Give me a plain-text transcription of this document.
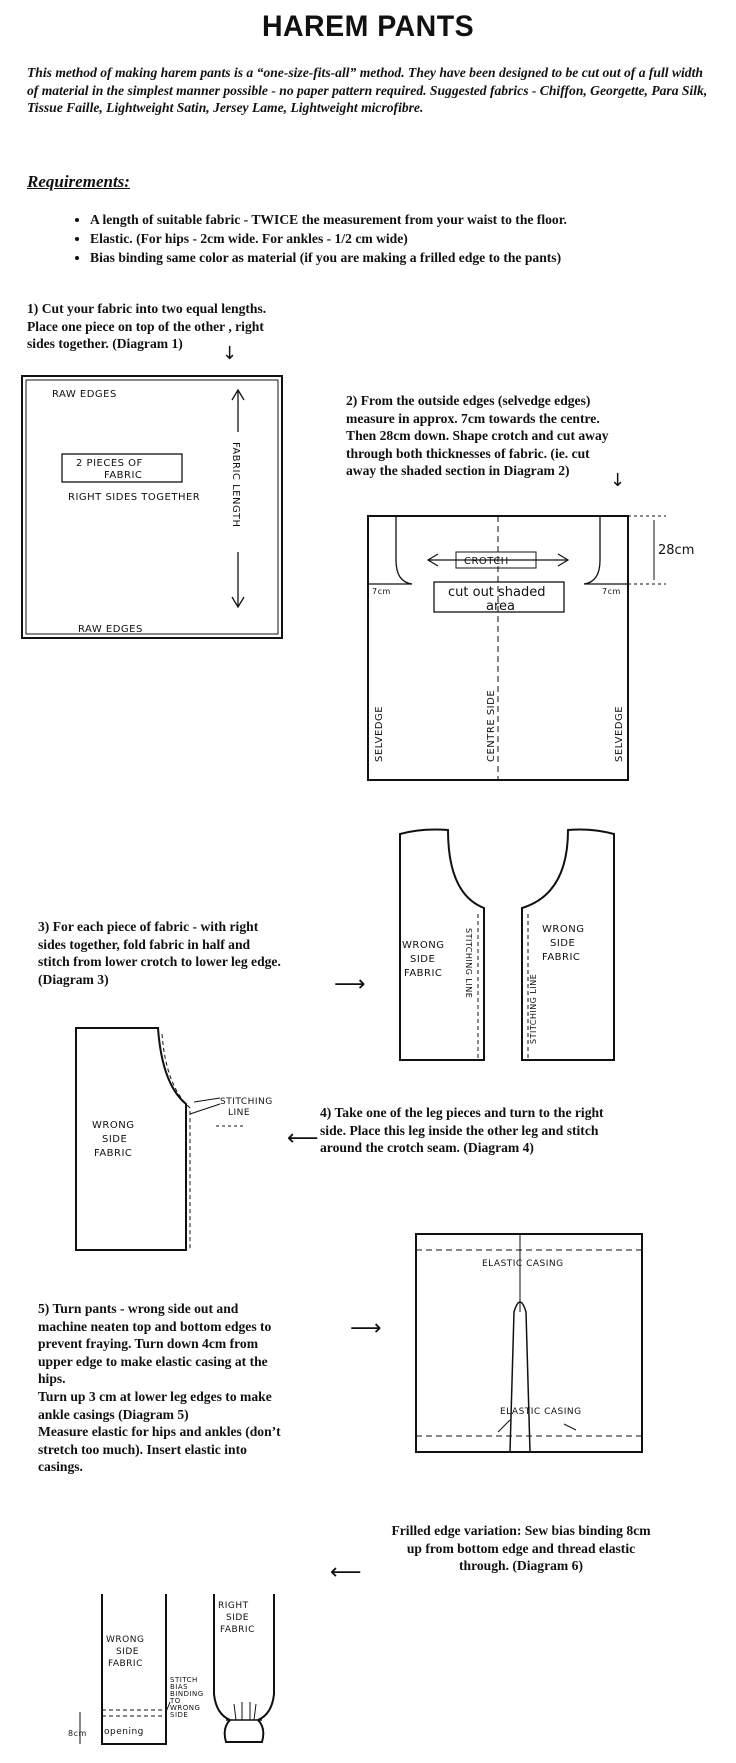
HAREM PANTS
This method of making harem pants is a “one-size-fits-all” method. They have been designed to be cut out of a full width of material in the simplest manner possible - no paper pattern required. Suggested fabrics - Chiffon, Georgette, Para Silk, Tissue Faille, Lightweight Satin, Jersey Lame, Lightweight microfibre.
Requirements:
• A length of suitable fabric - TWICE the measurement from your waist to the floor.
• Elastic. (For hips - 2cm wide. For ankles - 1/2 cm wide)
• Bias binding same color as material (if you are making a frilled edge to the pants)

1) Cut your fabric into two equal lengths.

Place one piece on top of the other , right

sides together. (Diagram 1)	↓
RAW EDGES
2 PIECES OF
FABRIC
RIGHT SIDES TOGETHER	FABRIC LENGTH
RAW EDGES

2) From the outside edges (selvedge edges)

measure in approx. 7cm towards the centre.

Then 28cm down. Shape crotch and cut away

through both thicknesses of fabric. (ie. cut

away the shaded section in Diagram 2)	↓
CROTCH
cut out shaded
area
7cm	7cm
28cm
SELVEDGE	CENTRE SIDE	SELVEDGE

3) For each piece of fabric - with right

sides together, fold fabric in half and

stitch from lower crotch to lower leg edge.

(Diagram 3)	⟶
WRONG
SIDE
FABRIC	STITCHING LINE	WRONG
SIDE
FABRIC
STITCHING LINE
STITCHING
LINE
WRONG
SIDE
FABRIC
⟵

4) Take one of the leg pieces and turn to the right

side. Place this leg inside the other leg and stitch

around the crotch seam. (Diagram 4)

5) Turn pants - wrong side out and

machine neaten top and bottom edges to

prevent fraying. Turn down 4cm from

upper edge to make elastic casing at the

hips.

Turn up 3 cm at lower leg edges to make

ankle casings (Diagram 5)

Measure elastic for hips and ankles (don’t

stretch too much). Insert elastic into

casings.

⟶
ELASTIC CASING
ELASTIC CASING

Frilled edge variation: Sew bias binding 8cm

up from bottom edge and thread elastic

through. (Diagram 6)

⟵
WRONG
SIDE
FABRIC
STITCH
BIAS
BINDING
TO
WRONG
SIDE
8cm opening
RIGHT
SIDE
FABRIC
